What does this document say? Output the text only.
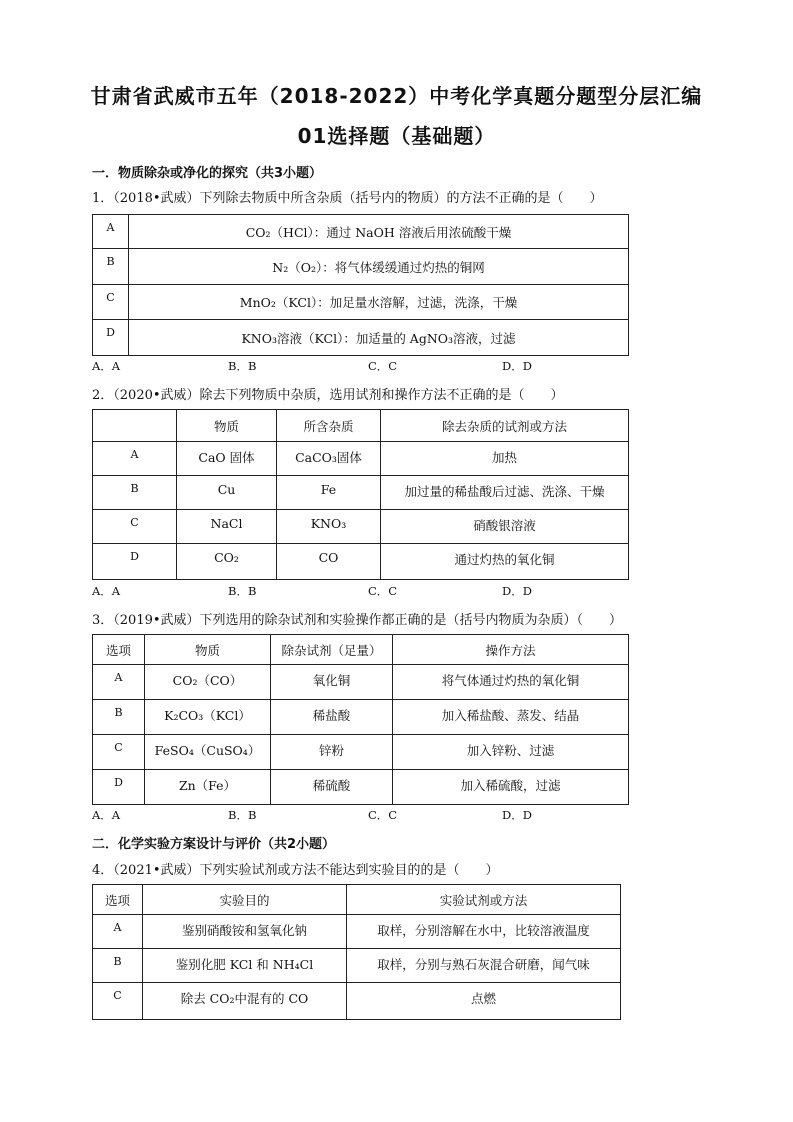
甘肃省武威市五年（2018-2022）中考化学真题分题型分层汇编
01选择题（基础题）
一．物质除杂或净化的探究（共3小题）
1．（2018•武威）下列除去物质中所含杂质（括号内的物质）的方法不正确的是（　　）
A	CO₂（HCl）：通过 NaOH 溶液后用浓硫酸干燥
B	N₂（O₂）：将气体缓缓通过灼热的铜网
C	MnO₂（KCl）：加足量水溶解，过滤，洗涤，干燥
D	KNO₃溶液（KCl）：加适量的 AgNO₃溶液，过滤
A．A	B．B	C．C	D．D
2．（2020•武威）除去下列物质中杂质，选用试剂和操作方法不正确的是（　　）
	物质	所含杂质	除去杂质的试剂或方法
A	CaO 固体	CaCO₃固体	加热
B	Cu	Fe	加过量的稀盐酸后过滤、洗涤、干燥
C	NaCl	KNO₃	硝酸银溶液
D	CO₂	CO	通过灼热的氧化铜
A．A	B．B	C．C	D．D
3．（2019•武威）下列选用的除杂试剂和实验操作都正确的是（括号内物质为杂质）（　　）
选项	物质	除杂试剂（足量）	操作方法
A	CO₂（CO）	氧化铜	将气体通过灼热的氧化铜
B	K₂CO₃（KCl）	稀盐酸	加入稀盐酸、蒸发、结晶
C	FeSO₄（CuSO₄）	锌粉	加入锌粉、过滤
D	Zn（Fe）	稀硫酸	加入稀硫酸，过滤
A．A	B．B	C．C	D．D
二．化学实验方案设计与评价（共2小题）
4．（2021•武威）下列实验试剂或方法不能达到实验目的的是（　　）
选项	实验目的	实验试剂或方法
A	鉴别硝酸铵和氢氧化钠	取样，分别溶解在水中，比较溶液温度
B	鉴别化肥 KCl 和 NH₄Cl	取样，分别与熟石灰混合研磨，闻气味
C	除去 CO₂中混有的 CO	点燃
